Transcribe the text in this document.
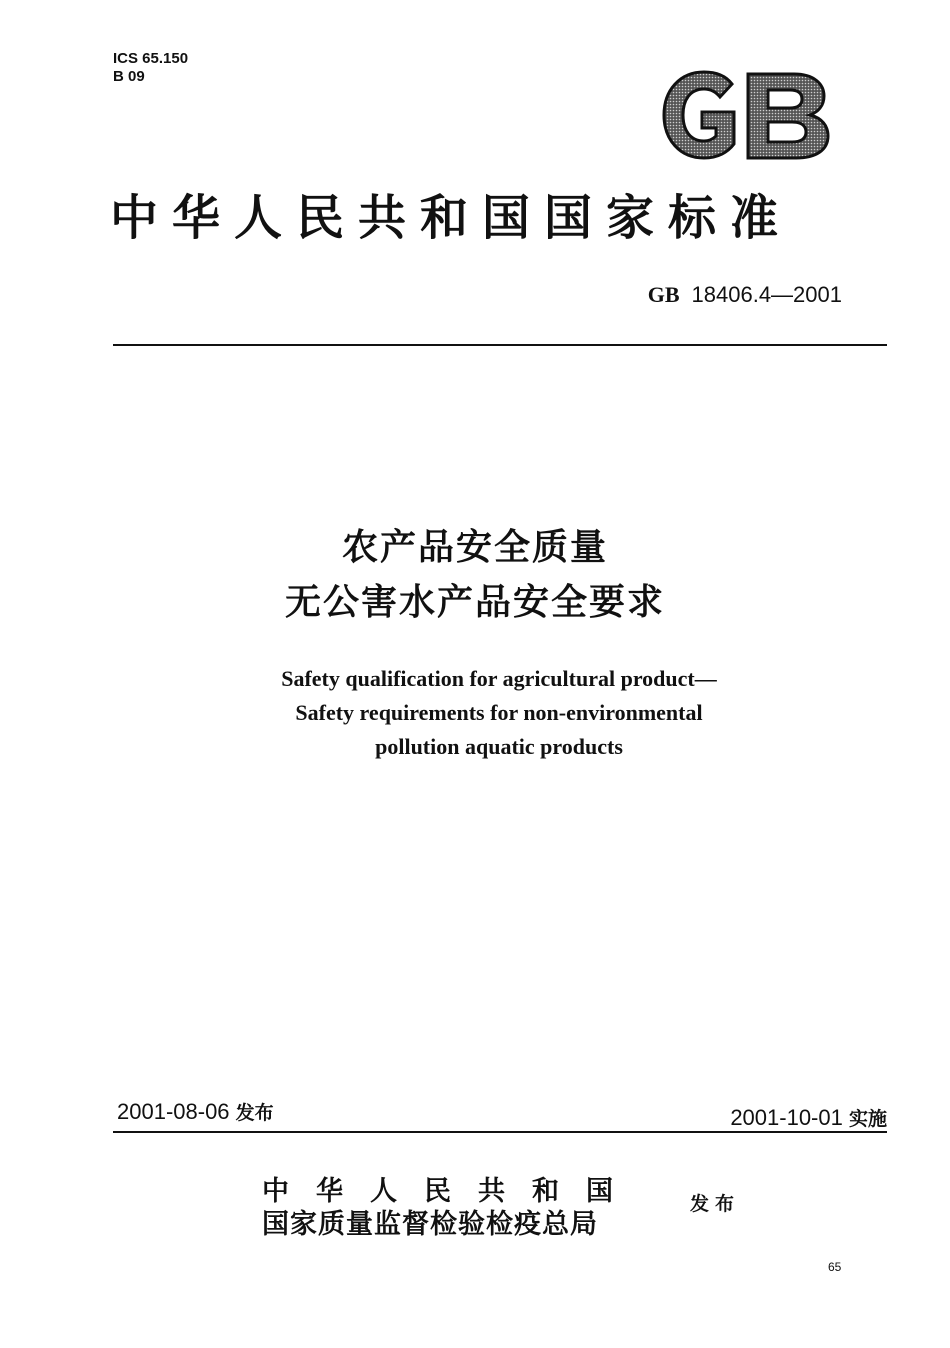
ICS 65.150
B 09
中华人民共和国国家标准
GB 18406.4—2001
农产品安全质量
无公害水产品安全要求
Safety qualification for agricultural product—
Safety requirements for non-environmental
pollution aquatic products
2001-08-06 发布	2001-10-01 实施
中华人民共和国
国家质量监督检验检疫总局
发布
65
